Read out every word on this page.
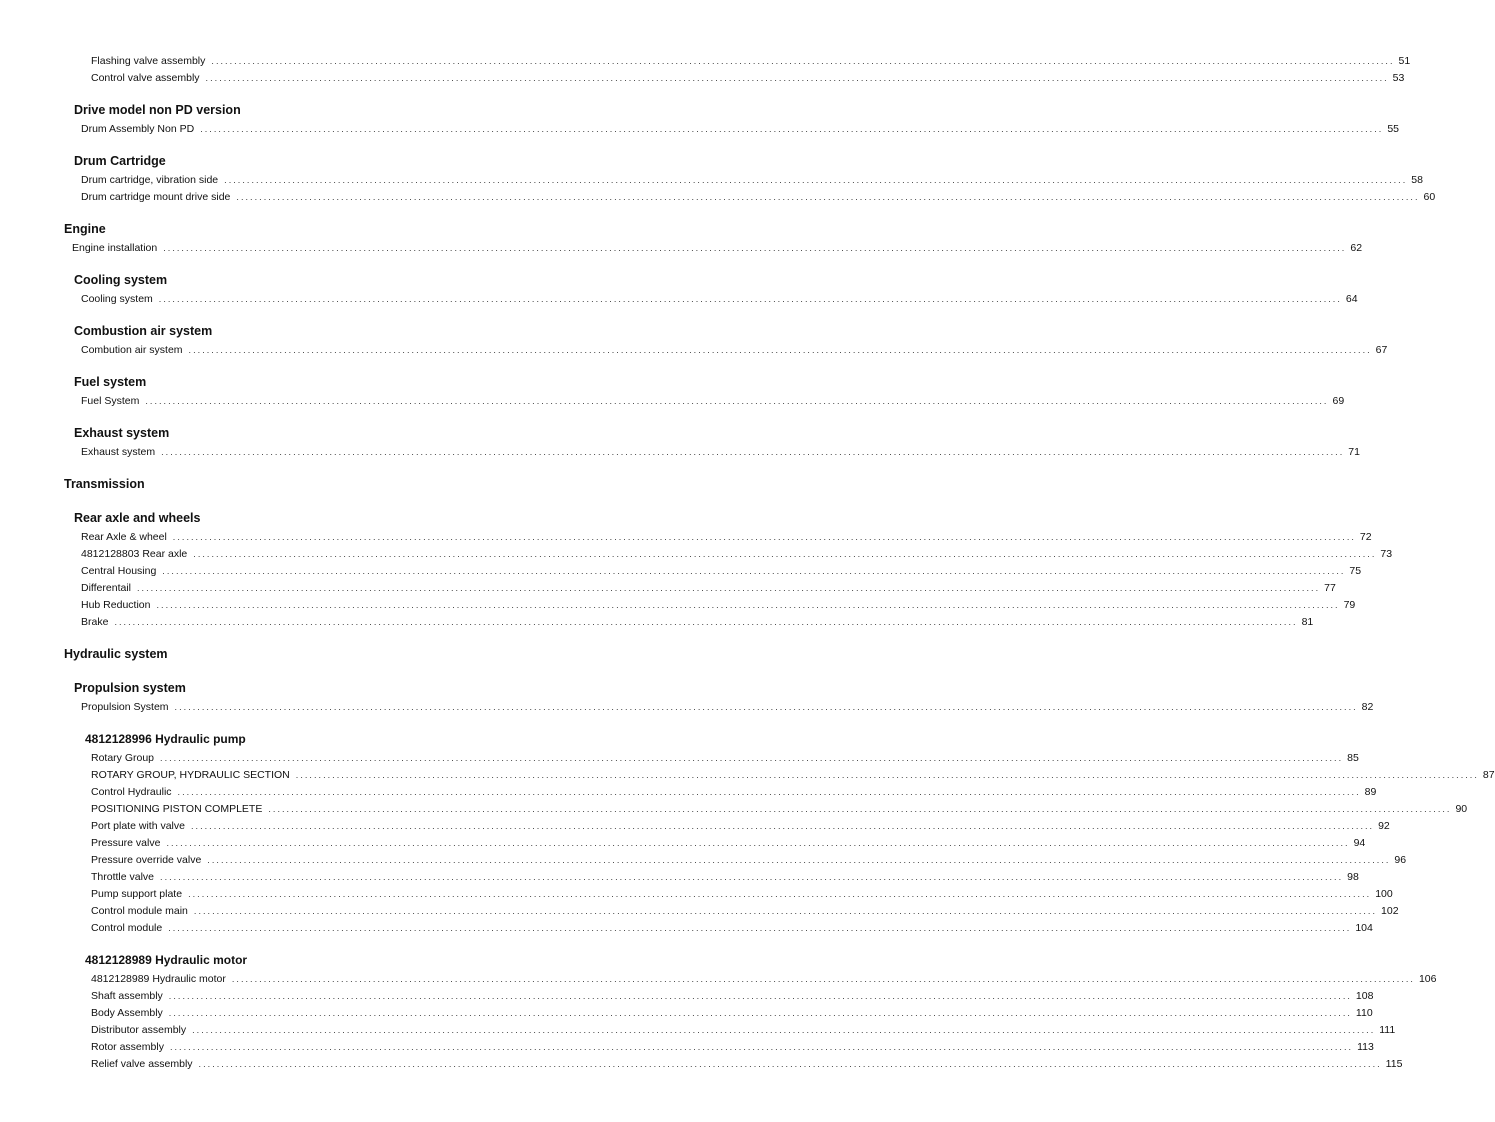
Flashing valve assembly .................................................................................................................................................................................................................................................................... 51
Control valve assembly .................................................................................................................................................................................................................................................................... 53
Drive model non PD version
Drum Assembly Non PD .................................................................................................................................................................................................................................................................... 55
Drum Cartridge
Drum cartridge, vibration side .................................................................................................................................................................................................................................................................... 58
Drum cartridge mount drive side .................................................................................................................................................................................................................................................................... 60
Engine
Engine installation .................................................................................................................................................................................................................................................................... 62
Cooling system
Cooling system .................................................................................................................................................................................................................................................................... 64
Combustion air system
Combution air system .................................................................................................................................................................................................................................................................... 67
Fuel system
Fuel System .................................................................................................................................................................................................................................................................... 69
Exhaust system
Exhaust system .................................................................................................................................................................................................................................................................... 71
Transmission
Rear axle and wheels
Rear Axle & wheel .................................................................................................................................................................................................................................................................... 72
4812128803 Rear axle .................................................................................................................................................................................................................................................................... 73
Central Housing .................................................................................................................................................................................................................................................................... 75
Differentail .................................................................................................................................................................................................................................................................... 77
Hub Reduction .................................................................................................................................................................................................................................................................... 79
Brake .................................................................................................................................................................................................................................................................... 81
Hydraulic system
Propulsion system
Propulsion System .................................................................................................................................................................................................................................................................... 82
4812128996 Hydraulic pump
Rotary Group .................................................................................................................................................................................................................................................................... 85
ROTARY GROUP, HYDRAULIC SECTION .................................................................................................................................................................................................................................................................... 87
Control Hydraulic .................................................................................................................................................................................................................................................................... 89
POSITIONING PISTON COMPLETE .................................................................................................................................................................................................................................................................... 90
Port plate with valve .................................................................................................................................................................................................................................................................... 92
Pressure valve .................................................................................................................................................................................................................................................................... 94
Pressure override valve .................................................................................................................................................................................................................................................................... 96
Throttle valve .................................................................................................................................................................................................................................................................... 98
Pump support plate .................................................................................................................................................................................................................................................................... 100
Control module main .................................................................................................................................................................................................................................................................... 102
Control module .................................................................................................................................................................................................................................................................... 104
4812128989 Hydraulic motor
4812128989 Hydraulic motor .................................................................................................................................................................................................................................................................... 106
Shaft assembly .................................................................................................................................................................................................................................................................... 108
Body Assembly .................................................................................................................................................................................................................................................................... 110
Distributor assembly .................................................................................................................................................................................................................................................................... 111
Rotor assembly .................................................................................................................................................................................................................................................................... 113
Relief valve assembly .................................................................................................................................................................................................................................................................... 115
